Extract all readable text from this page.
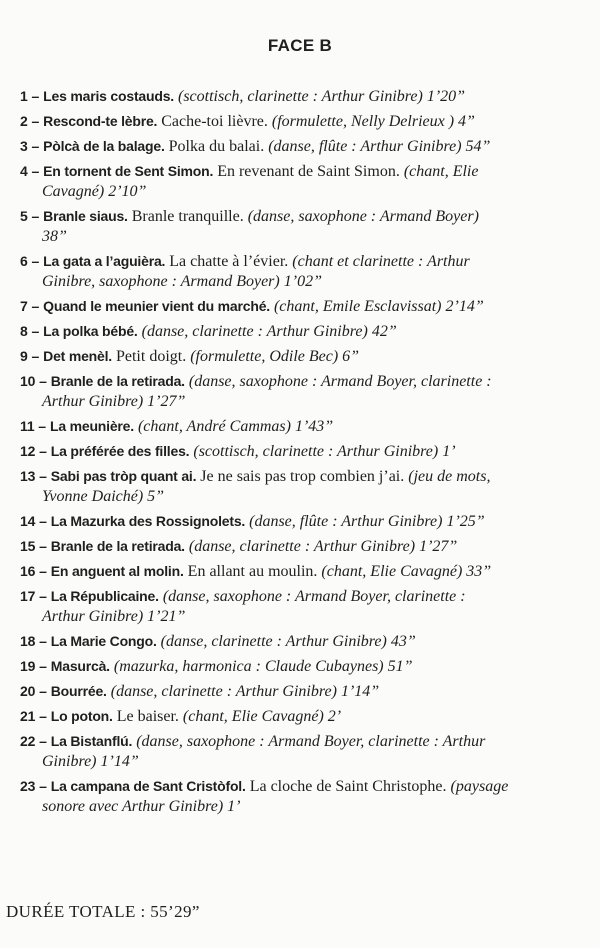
FACE B
1 – Les maris costauds. (scottisch, clarinette : Arthur Ginibre) 1’20”
2 – Rescond-te lèbre. Cache-toi lièvre. (formulette, Nelly Delrieux ) 4”
3 – Pòlcà de la balage. Polka du balai. (danse, flûte : Arthur Ginibre) 54”
4 – En tornent de Sent Simon. En revenant de Saint Simon. (chant, Elie
Cavagné) 2’10”
5 – Branle siaus. Branle tranquille. (danse, saxophone : Armand Boyer)
38”
6 – La gata a l’aguièra. La chatte à l’évier. (chant et clarinette : Arthur
Ginibre, saxophone : Armand Boyer) 1’02”
7 – Quand le meunier vient du marché. (chant, Emile Esclavissat) 2’14”
8 – La polka bébé. (danse, clarinette : Arthur Ginibre) 42”
9 – Det menèl. Petit doigt. (formulette, Odile Bec) 6”
10 – Branle de la retirada. (danse, saxophone : Armand Boyer, clarinette :
Arthur Ginibre) 1’27”
11 – La meunière. (chant, André Cammas) 1’43”
12 – La préférée des filles. (scottisch, clarinette : Arthur Ginibre) 1’
13 – Sabi pas tròp quant ai. Je ne sais pas trop combien j’ai. (jeu de mots,
Yvonne Daiché) 5”
14 – La Mazurka des Rossignolets. (danse, flûte : Arthur Ginibre) 1’25”
15 – Branle de la retirada. (danse, clarinette : Arthur Ginibre) 1’27”
16 – En anguent al molin. En allant au moulin. (chant, Elie Cavagné) 33”
17 – La Républicaine. (danse, saxophone : Armand Boyer, clarinette :
Arthur Ginibre) 1’21”
18 – La Marie Congo. (danse, clarinette : Arthur Ginibre) 43”
19 – Masurcà. (mazurka, harmonica : Claude Cubaynes) 51”
20 – Bourrée. (danse, clarinette : Arthur Ginibre) 1’14”
21 – Lo poton. Le baiser. (chant, Elie Cavagné) 2’
22 – La Bistanflú. (danse, saxophone : Armand Boyer, clarinette : Arthur
Ginibre) 1’14”
23 – La campana de Sant Cristòfol. La cloche de Saint Christophe. (paysage
sonore avec Arthur Ginibre) 1’
DURÉE TOTALE : 55’29”
